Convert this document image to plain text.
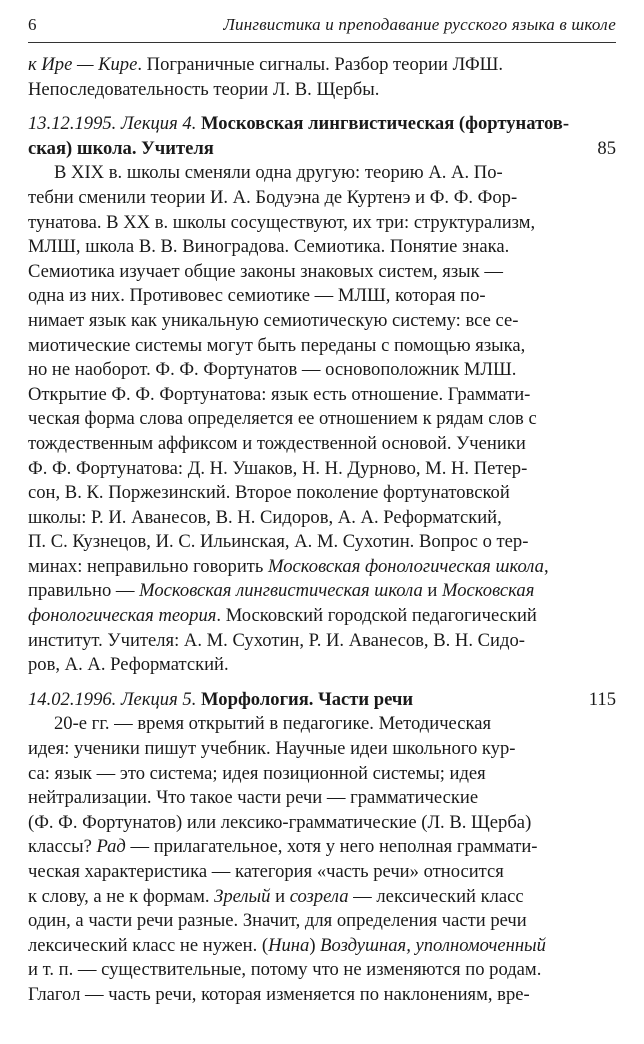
6	Лингвистика и преподавание русского языка в школе

к Ире — Кире. Пограничные сигналы. Разбор теории ЛФШ.

Непоследовательность теории Л. В. Щербы.

13.12.1995. Лекция 4. Московская лингвистическая (фортунатов-
ская) школа. Учителя	85

В XIX в. школы сменяли одна другую: теорию А. А. По-

тебни сменили теории И. А. Бодуэна де Куртенэ и Ф. Ф. Фор-

тунатова. В XX в. школы сосуществуют, их три: структурализм,

МЛШ, школа В. В. Виноградова. Семиотика. Понятие знака.

Семиотика изучает общие законы знаковых систем, язык —

одна из них. Противовес семиотике — МЛШ, которая по-

нимает язык как уникальную семиотическую систему: все се-

миотические системы могут быть переданы с помощью языка,

но не наоборот. Ф. Ф. Фортунатов — основоположник МЛШ.

Открытие Ф. Ф. Фортунатова: язык есть отношение. Граммати-

ческая форма слова определяется ее отношением к рядам слов с

тождественным аффиксом и тождественной основой. Ученики

Ф. Ф. Фортунатова: Д. Н. Ушаков, Н. Н. Дурново, М. Н. Петер-

сон, В. К. Поржезинский. Второе поколение фортунатовской

школы: Р. И. Аванесов, В. Н. Сидоров, А. А. Реформатский,

П. С. Кузнецов, И. С. Ильинская, А. М. Сухотин. Вопрос о тер-

минах: неправильно говорить Московская фонологическая школа,

правильно — Московская лингвистическая школа и Московская

фонологическая теория. Московский городской педагогический

институт. Учителя: А. М. Сухотин, Р. И. Аванесов, В. Н. Сидо-

ров, А. А. Реформатский.

14.02.1996. Лекция 5. Морфология. Части речи	115

20-е гг. — время открытий в педагогике. Методическая

идея: ученики пишут учебник. Научные идеи школьного кур-

са: язык — это система; идея позиционной системы; идея

нейтрализации. Что такое части речи — грамматические

(Ф. Ф. Фортунатов) или лексико-грамматические (Л. В. Щерба)

классы? Рад — прилагательное, хотя у него неполная граммати-

ческая характеристика — категория «часть речи» относится

к слову, а не к формам. Зрелый и созрела — лексический класс

один, а части речи разные. Значит, для определения части речи

лексический класс не нужен. (Нина) Воздушная, уполномоченный

и т. п. — существительные, потому что не изменяются по родам.

Глагол — часть речи, которая изменяется по наклонениям, вре-
